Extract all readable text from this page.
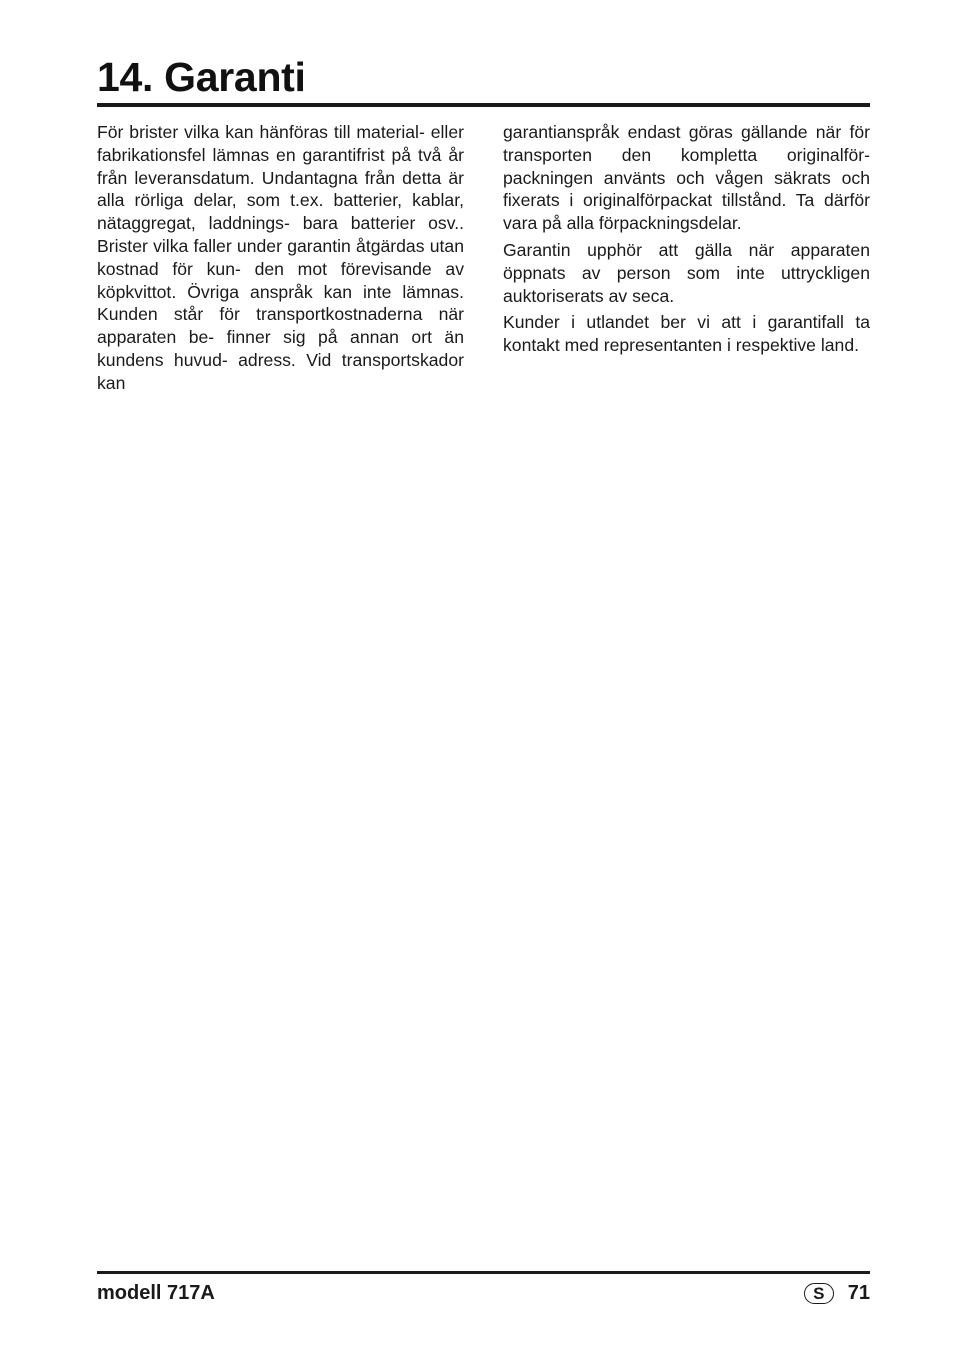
14. Garanti

För brister vilka kan hänföras till material- eller fabrikationsfel lämnas en garantifrist på två år från leveransdatum. Undantagna från detta är alla rörliga delar, som t.ex. batterier, kablar, nätaggregat, laddnings- bara batterier osv.. Brister vilka faller under garantin åtgärdas utan kostnad för kun- den mot förevisande av köpkvittot. Övriga anspråk kan inte lämnas. Kunden står för transportkostnaderna när apparaten be- finner sig på annan ort än kundens huvud- adress. Vid transportskador kan

garantianspråk endast göras gällande när för transporten den kompletta originalför- packningen använts och vågen säkrats och fixerats i originalförpackat tillstånd. Ta därför vara på alla förpackningsdelar.

Garantin upphör att gälla när apparaten öppnats av person som inte uttryckligen auktoriserats av seca.

Kunder i utlandet ber vi att i garantifall ta kontakt med representanten i respektive land.

modell 717A	S	71
